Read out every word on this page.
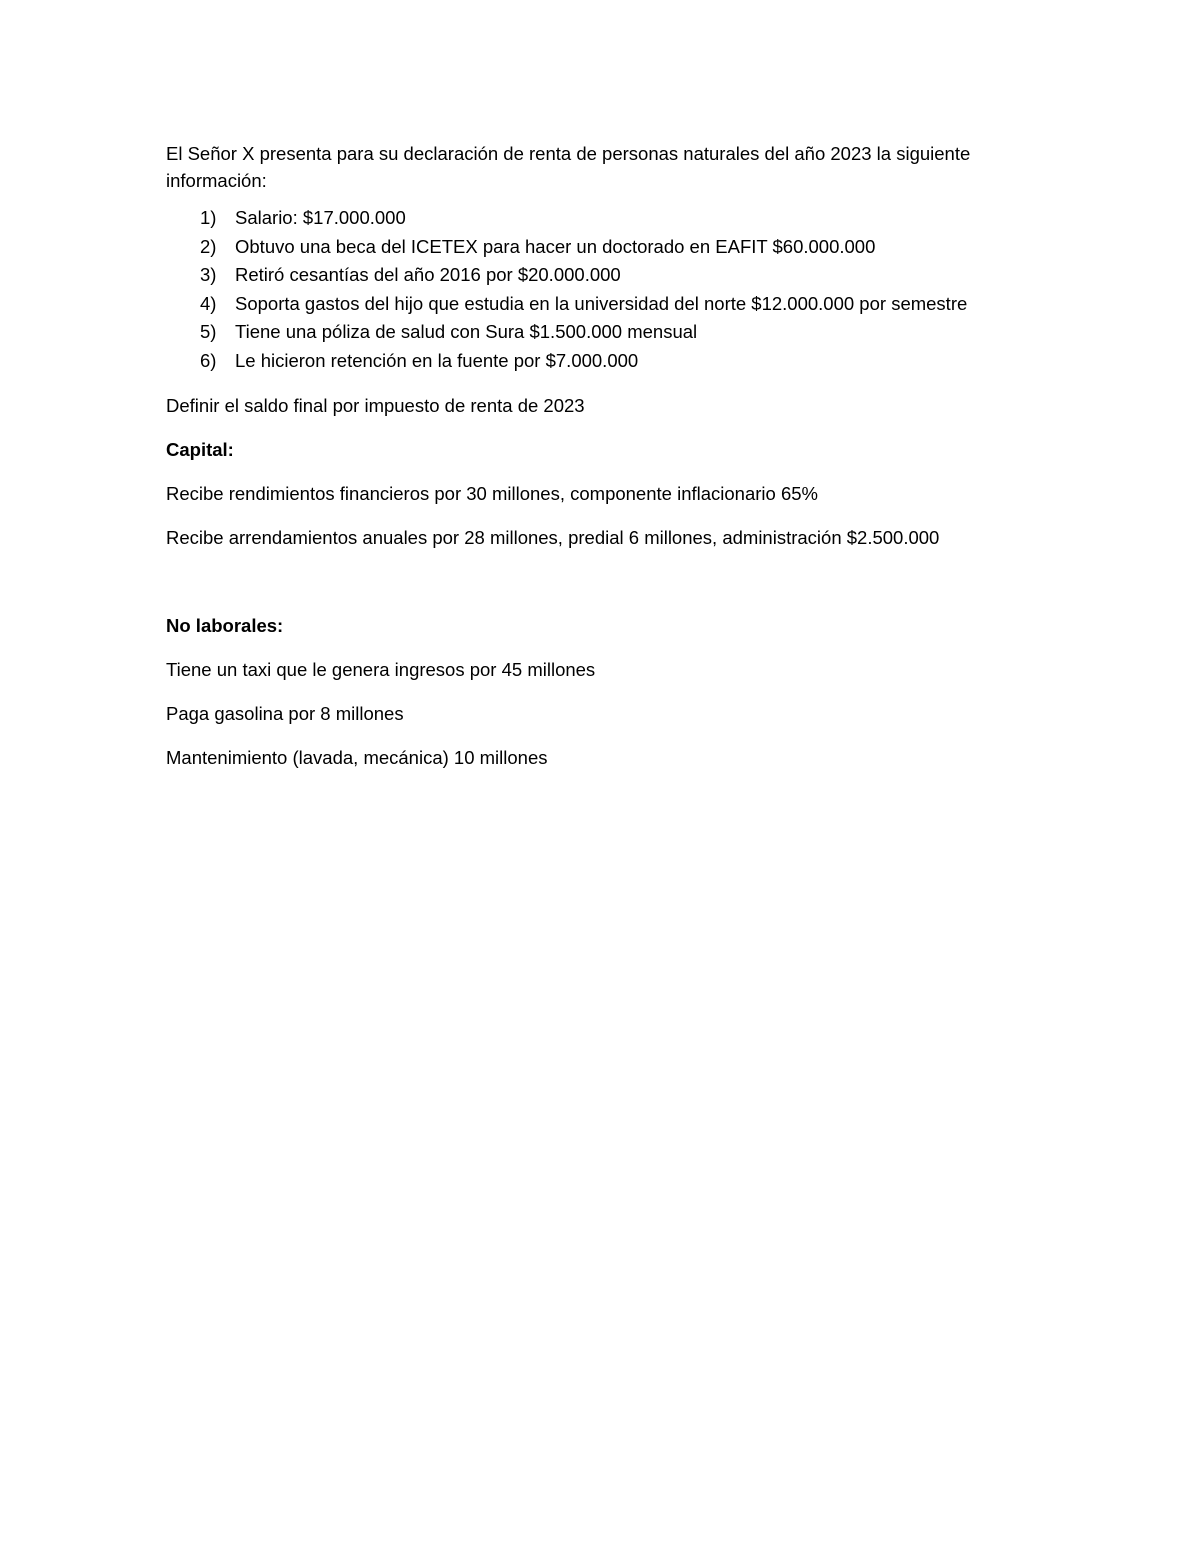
El Señor X presenta para su declaración de renta de personas naturales del año 2023 la siguiente información:

1)	Salario: $17.000.000
2)	Obtuvo una beca del ICETEX para hacer un doctorado en EAFIT $60.000.000
3)	Retiró cesantías del año 2016 por $20.000.000
4)	Soporta gastos del hijo que estudia en la universidad del norte $12.000.000 por semestre
5)	Tiene una póliza de salud con Sura $1.500.000 mensual
6)	Le hicieron retención en la fuente por $7.000.000

Definir el saldo final por impuesto de renta de 2023

Capital:

Recibe rendimientos financieros por 30 millones, componente inflacionario 65%

Recibe arrendamientos anuales por 28 millones, predial 6 millones, administración $2.500.000

No laborales:

Tiene un taxi que le genera ingresos por 45 millones

Paga gasolina por 8 millones

Mantenimiento (lavada, mecánica) 10 millones
